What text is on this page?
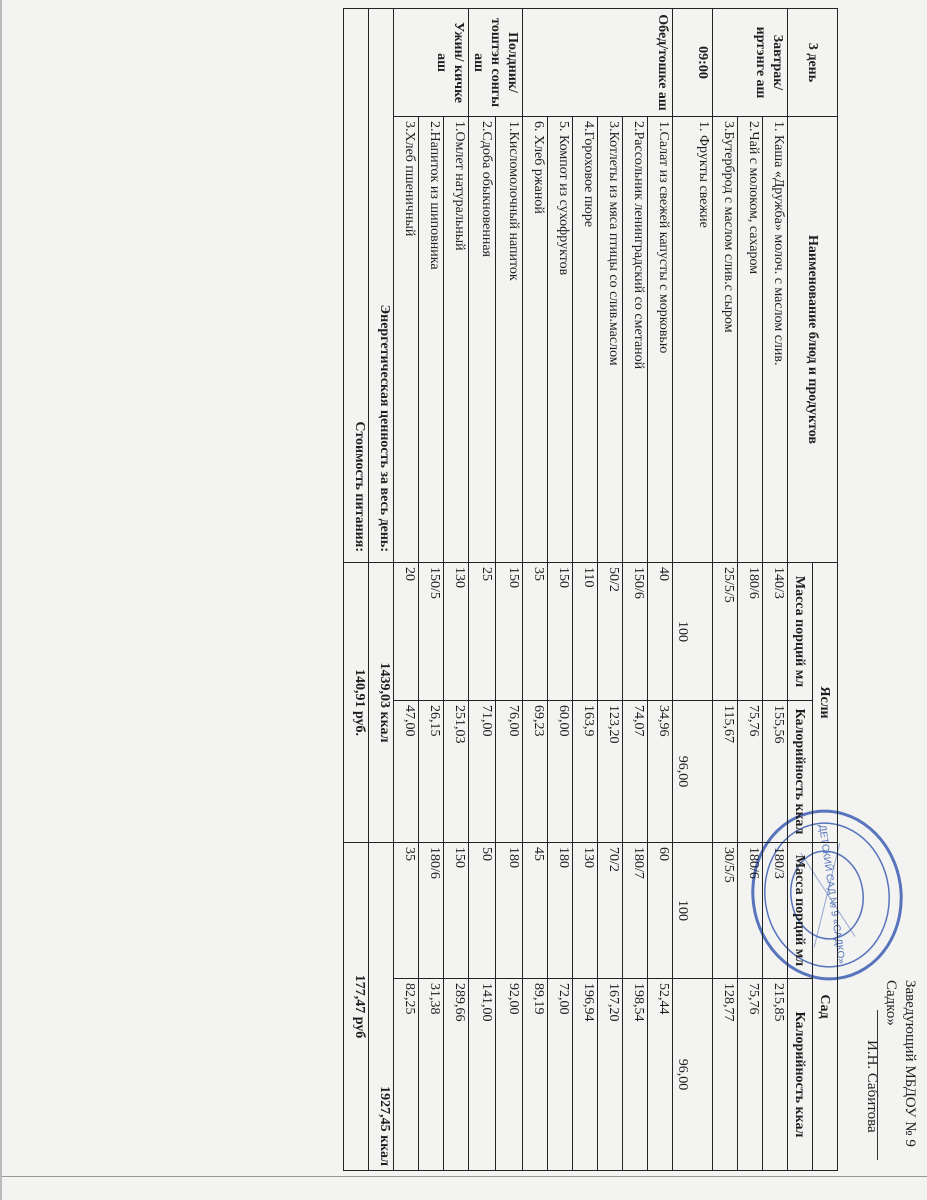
Заведующий МБДОУ № 9 Садко»
И.Н. Сабитова
ДЕТСКИЙ САД № 9 «САДКО»
3 день	Наименование блюд и продуктов	Ясли		Сад	
		Масса порций мл	Калорийность ккал	Масса порций мл	Калорийность ккал
Завтрак/иртэнге аш	1. Каша «Дружба» молоч. с маслом слив.	140/3	155,56	180/3	215,85
	2.Чай с молоком, сахаром	180/6	75,76	180/6	75,76
	3.Бутерброд с маслом слив.с сыром	25/5/5	115,67	30/5/5	128,77
09:00	1. Фрукты свежие	100	96,00	100	96,00
Обед/тошке аш	1.Салат из свежей капусты с морковью	40	34,96	60	52,44
	2.Рассольник ленинградский со сметаной	150/6	74,07	180/7	198,54
	3.Котлеты из мяса птицы со слив.маслом	50/2	123,20	70/2	167,20
	4.Гороховое пюре	110	163,9	130	196,94
	5. Компот из сухофруктов	150	60,00	180	72,00
	6. Хлеб ржаной	35	69,23	45	89,19
Полдник/тoштэн сонгы аш	1.Кисломолочный напиток	150	76,00	180	92,00
	2.Сдоба обыкновенная	25	71,00	50	141,00
Ужин/ кичке аш	1.Омлет натуральный	130	251,03	150	289,66
	2.Напиток из шиповника	150/5	26,15	180/6	31,38
	3.Хлеб пшеничный	20	47,00	35	82,25
Энергетическая ценность за весь день:		1439,03 ккал		1927,45 ккал	
Стоимость питания:		140,91 руб.		177,47 руб	
